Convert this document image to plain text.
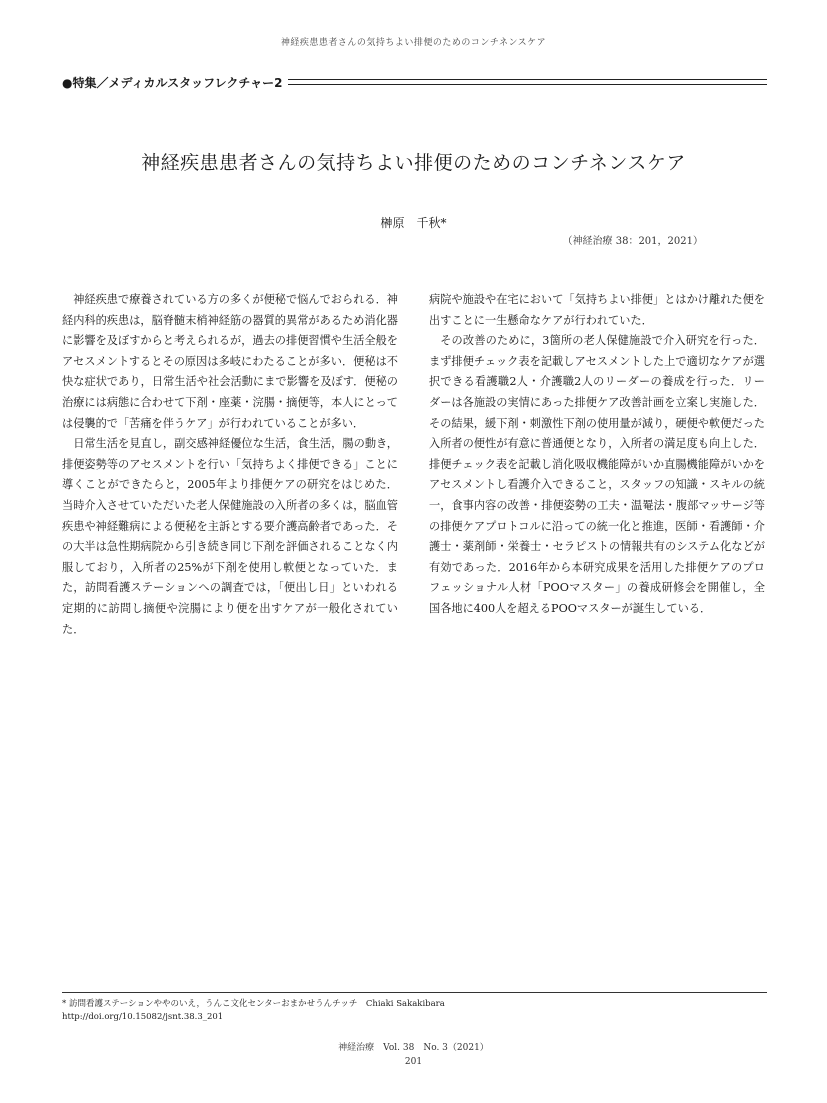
神経疾患患者さんの気持ちよい排便のためのコンチネンスケア
●特集／メディカルスタッフレクチャー2
神経疾患患者さんの気持ちよい排便のためのコンチネンスケア
榊原　千秋*
（神経治療 38：201，2021）

神経疾患で療養されている方の多くが便秘で悩んでおられる．神経内科的疾患は，脳脊髄末梢神経筋の器質的異常があるため消化器に影響を及ぼすからと考えられるが，過去の排便習慣や生活全般をアセスメントするとその原因は多岐にわたることが多い．便秘は不快な症状であり，日常生活や社会活動にまで影響を及ぼす．便秘の治療には病態に合わせて下剤・座薬・浣腸・摘便等，本人にとっては侵襲的で「苦痛を伴うケア」が行われていることが多い．

日常生活を見直し，副交感神経優位な生活，食生活，腸の動き，排便姿勢等のアセスメントを行い「気持ちよく排便できる」ことに導くことができたらと，2005年より排便ケアの研究をはじめた．当時介入させていただいた老人保健施設の入所者の多くは，脳血管疾患や神経難病による便秘を主訴とする要介護高齢者であった．その大半は急性期病院から引き続き同じ下剤を評価されることなく内服しており，入所者の25%が下剤を使用し軟便となっていた．また，訪問看護ステーションへの調査では，「便出し日」といわれる定期的に訪問し摘便や浣腸により便を出すケアが一般化されていた．

病院や施設や在宅において「気持ちよい排便」とはかけ離れた便を出すことに一生懸命なケアが行われていた．

その改善のために，3箇所の老人保健施設で介入研究を行った．まず排便チェック表を記載しアセスメントした上で適切なケアが選択できる看護職2人・介護職2人のリーダーの養成を行った．リーダーは各施設の実情にあった排便ケア改善計画を立案し実施した．その結果，緩下剤・刺激性下剤の使用量が減り，硬便や軟便だった入所者の便性が有意に普通便となり，入所者の満足度も向上した．排便チェック表を記載し消化吸収機能障がいか直腸機能障がいかをアセスメントし看護介入できること，スタッフの知識・スキルの統一，食事内容の改善・排便姿勢の工夫・温罨法・腹部マッサージ等の排便ケアプロトコルに沿っての統一化と推進，医師・看護師・介護士・薬剤師・栄養士・セラピストの情報共有のシステム化などが有効であった．2016年から本研究成果を活用した排便ケアのプロフェッショナル人材「POOマスター」の養成研修会を開催し，全国各地に400人を超えるPOOマスターが誕生している．

* 訪問看護ステーションややのいえ，うんこ文化センターおまかせうんチッチ　Chiaki Sakakibara
http://doi.org/10.15082/jsnt.38.3_201
神経治療　Vol. 38　No. 3（2021）
201
